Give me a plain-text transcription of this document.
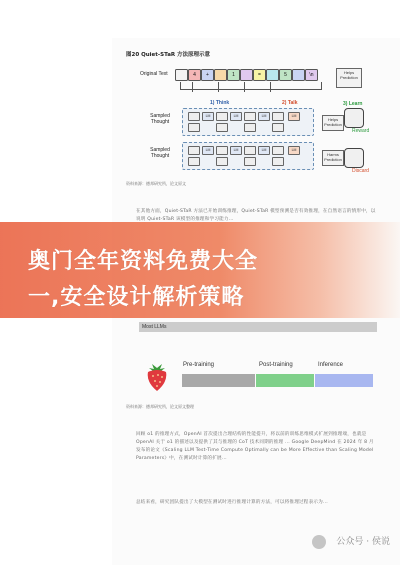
图20 Quiet-STaR 方法原理示意
Original Text	4	+	1	=	5	\n	Helps Prediction
1) Think	2) Talk	3) Learn
Sampled Thought
Sampled Thought
LM	LM	LM	LM
LM	LM	LM	LM
Helps Prediction
Harms Prediction
Reward
Discard
资料来源：德邦研究所，论文原文
在其他方面，Quiet-STaR 方法已开始训练推理，Quiet-STaR 模型预测是否有效推理，在自然语言的情形中，以说明 Quiet-STaR 该模型的推理和学习能力...
奥门全年资料免费大全
一,安全设计解析策略
Most LLMs
Pre-training	Post-training	Inference
资料来源：德邦研究所，论文原文整理
回顾 o1 的推理方式，OpenAI 首次提出合理结构的性能提升，将以前的训练思维模式扩展到推理端，也就是 OpenAI 关于 o1 的描述以及提供了其与推理的 CoT 技术同期的推理 ... Google DeepMind 在 2024 年 8 月发布的论文《Scaling LLM Test-Time Compute Optimally can be More Effective than Scaling Model Parameters》中，在测试时计算的扩展...
总结来看，研究团队提出了大模型在测试时进行推理计算的方法，可以将推理过程表示为...
公众号 · 侯说
